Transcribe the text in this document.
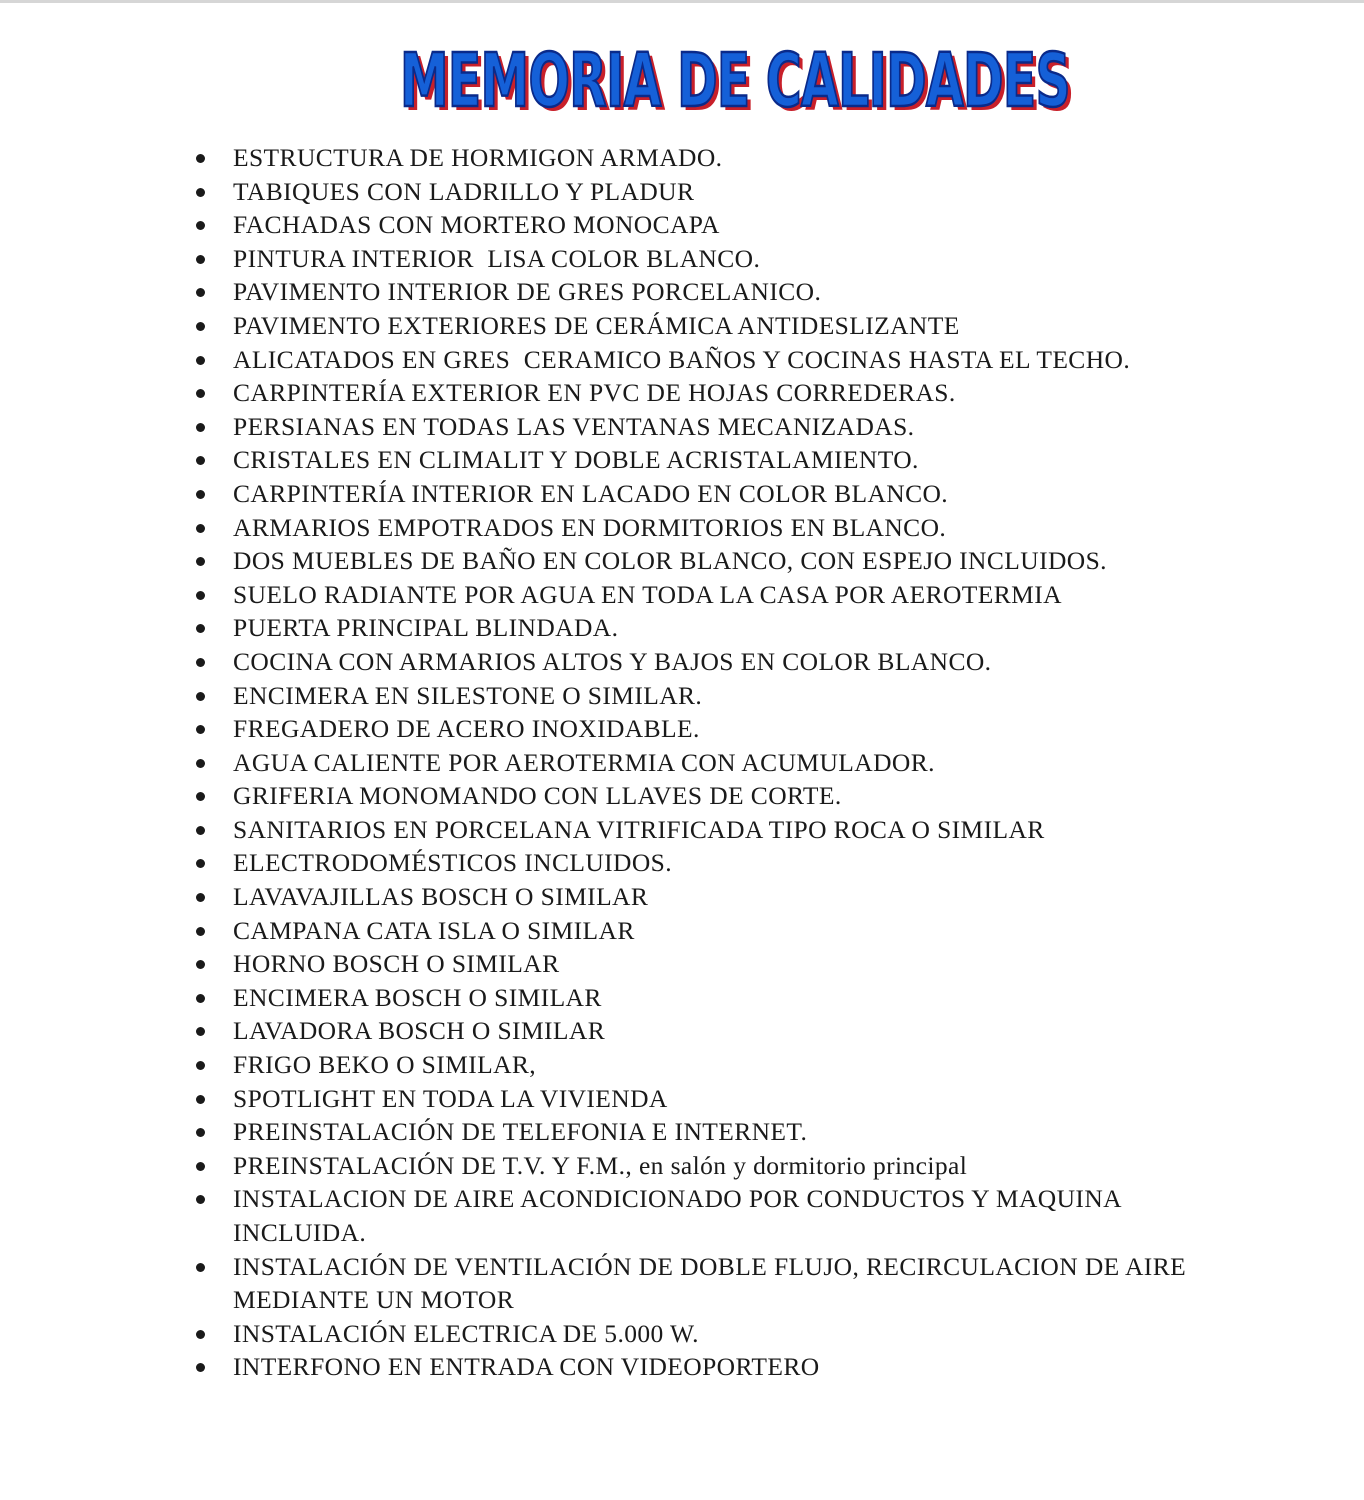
MEMORIA DE CALIDADES
MEMORIA DE CALIDADES
ESTRUCTURA DE HORMIGON ARMADO.
TABIQUES CON LADRILLO Y PLADUR
FACHADAS CON MORTERO MONOCAPA
PINTURA INTERIOR  LISA COLOR BLANCO.
PAVIMENTO INTERIOR DE GRES PORCELANICO.
PAVIMENTO EXTERIORES DE CERÁMICA ANTIDESLIZANTE
ALICATADOS EN GRES  CERAMICO BAÑOS Y COCINAS HASTA EL TECHO.
CARPINTERÍA EXTERIOR EN PVC DE HOJAS CORREDERAS.
PERSIANAS EN TODAS LAS VENTANAS MECANIZADAS.
CRISTALES EN CLIMALIT Y DOBLE ACRISTALAMIENTO.
CARPINTERÍA INTERIOR EN LACADO EN COLOR BLANCO.
ARMARIOS EMPOTRADOS EN DORMITORIOS EN BLANCO.
DOS MUEBLES DE BAÑO EN COLOR BLANCO, CON ESPEJO INCLUIDOS.
SUELO RADIANTE POR AGUA EN TODA LA CASA POR AEROTERMIA
PUERTA PRINCIPAL BLINDADA.
COCINA CON ARMARIOS ALTOS Y BAJOS EN COLOR BLANCO.
ENCIMERA EN SILESTONE O SIMILAR.
FREGADERO DE ACERO INOXIDABLE.
AGUA CALIENTE POR AEROTERMIA CON ACUMULADOR.
GRIFERIA MONOMANDO CON LLAVES DE CORTE.
SANITARIOS EN PORCELANA VITRIFICADA TIPO ROCA O SIMILAR
ELECTRODOMÉSTICOS INCLUIDOS.
LAVAVAJILLAS BOSCH O SIMILAR
CAMPANA CATA ISLA O SIMILAR
HORNO BOSCH O SIMILAR
ENCIMERA BOSCH O SIMILAR
LAVADORA BOSCH O SIMILAR
FRIGO BEKO O SIMILAR,
SPOTLIGHT EN TODA LA VIVIENDA
PREINSTALACIÓN DE TELEFONIA E INTERNET.
PREINSTALACIÓN DE T.V. Y F.M., en salón y dormitorio principal
INSTALACION DE AIRE ACONDICIONADO POR CONDUCTOS Y MAQUINA INCLUIDA.
INSTALACIÓN DE VENTILACIÓN DE DOBLE FLUJO, RECIRCULACION DE AIRE MEDIANTE UN MOTOR
INSTALACIÓN ELECTRICA DE 5.000 W.
INTERFONO EN ENTRADA CON VIDEOPORTERO
